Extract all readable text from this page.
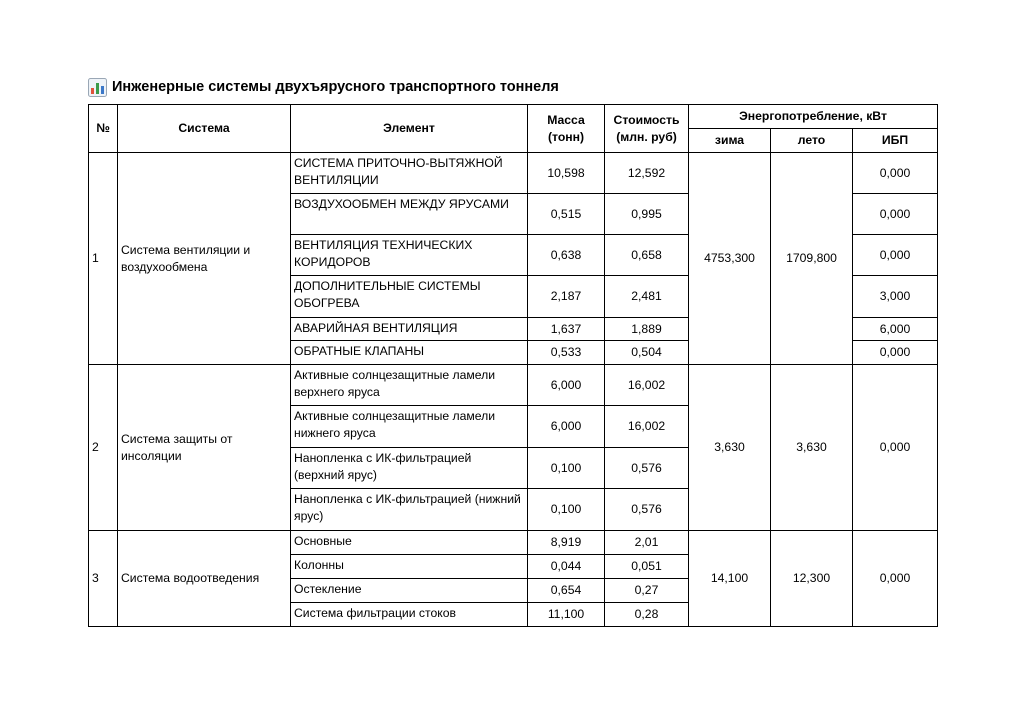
Инженерные системы двухъярусного транспортного тоннеля
№	Система	Элемент	Масса (тонн)	Стоимость (млн. руб)	Энергопотребление, кВт		
					зима	лето	ИБП
1	Система вентиляции и воздухообмена	СИСТЕМА ПРИТОЧНО-ВЫТЯЖНОЙ ВЕНТИЛЯЦИИ	10,598	12,592	4753,300	1709,800	0,000
		ВОЗДУХООБМЕН МЕЖДУ ЯРУСАМИ	0,515	0,995			0,000
		ВЕНТИЛЯЦИЯ ТЕХНИЧЕСКИХ КОРИДОРОВ	0,638	0,658			0,000
		ДОПОЛНИТЕЛЬНЫЕ СИСТЕМЫ ОБОГРЕВА	2,187	2,481			3,000
		АВАРИЙНАЯ ВЕНТИЛЯЦИЯ	1,637	1,889			6,000
		ОБРАТНЫЕ КЛАПАНЫ	0,533	0,504			0,000
2	Система защиты от инсоляции	Активные солнцезащитные ламели верхнего яруса	6,000	16,002	3,630	3,630	0,000
		Активные солнцезащитные ламели нижнего яруса	6,000	16,002			
		Нанопленка с ИК-фильтрацией (верхний ярус)	0,100	0,576			
		Нанопленка с ИК-фильтрацией (нижний ярус)	0,100	0,576			
3	Система водоотведения	Основные	8,919	2,01	14,100	12,300	0,000
		Колонны	0,044	0,051			
		Остекление	0,654	0,27			
		Система фильтрации стоков	11,100	0,28			
